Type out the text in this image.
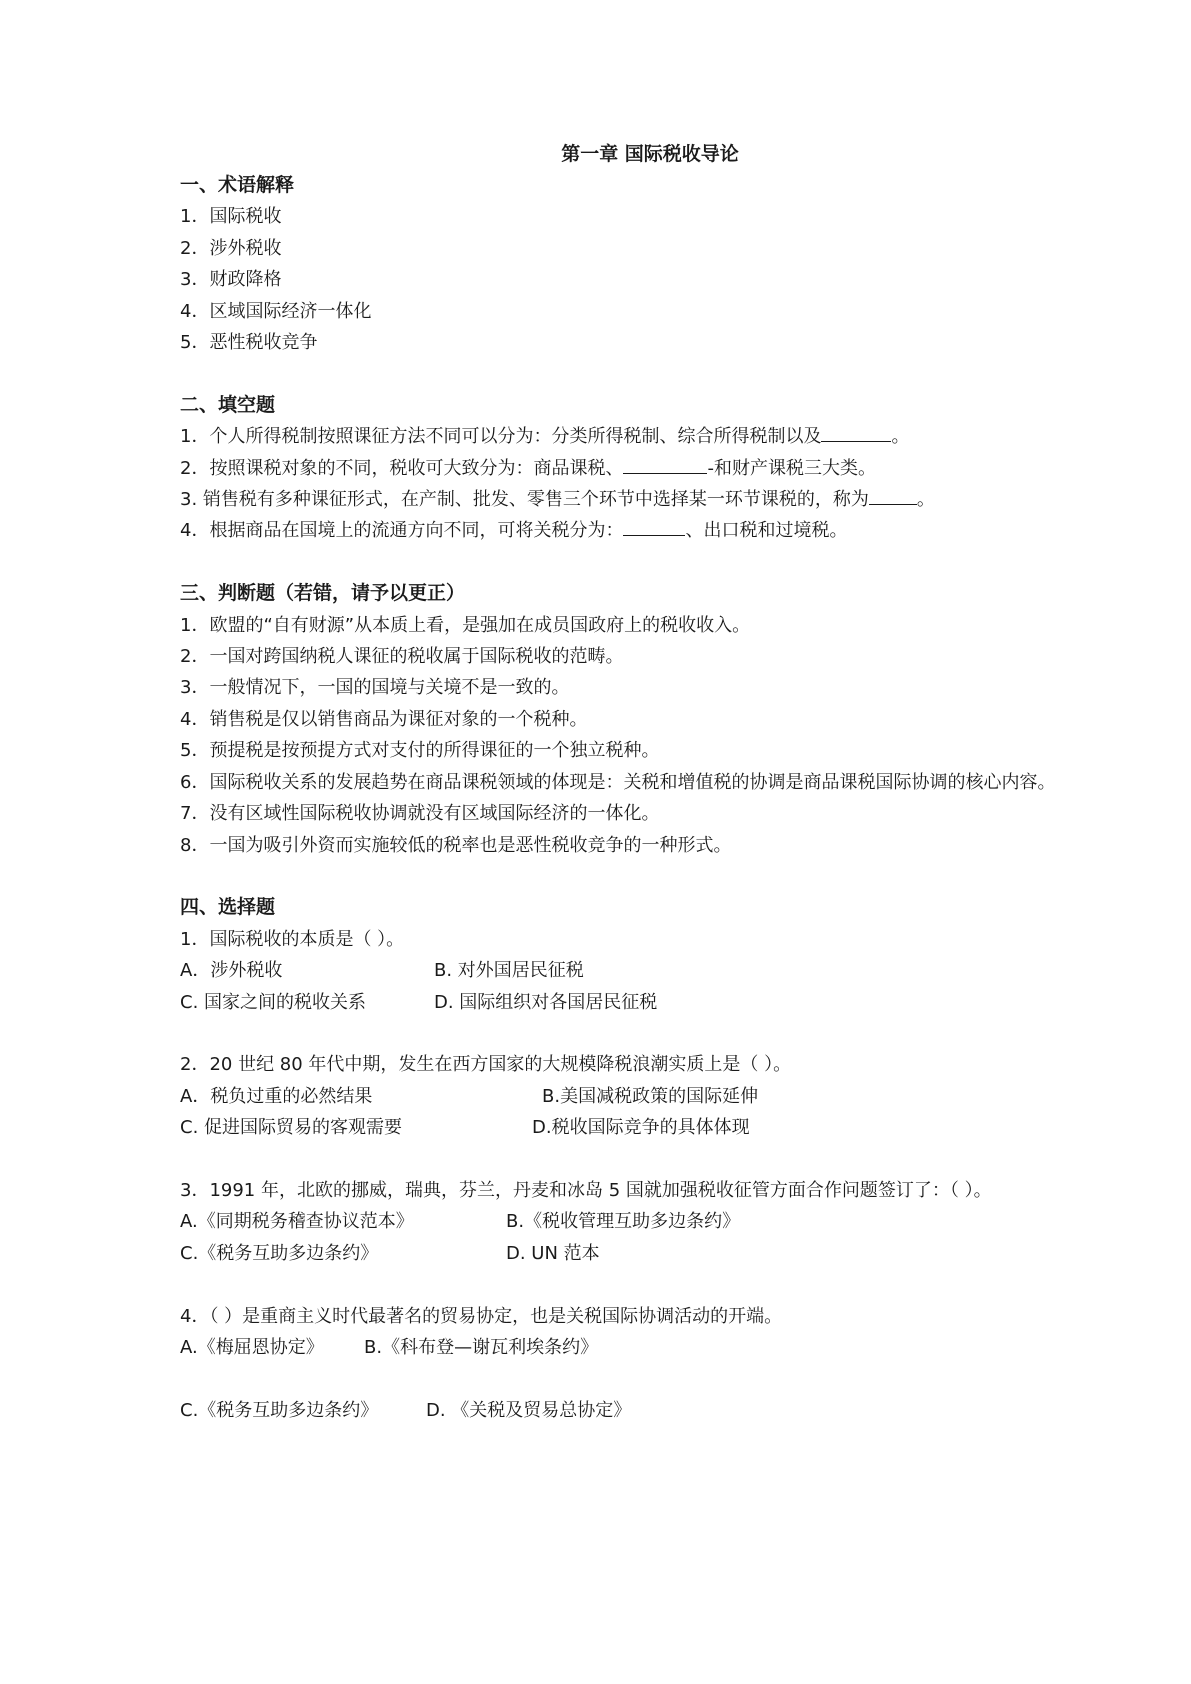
第一章 国际税收导论
一、术语解释
1．国际税收
2．涉外税收
3．财政降格
4．区域国际经济一体化
5．恶性税收竞争
二、填空题
1．个人所得税制按照课征方法不同可以分为：分类所得税制、综合所得税制以及	。
2．按照课税对象的不同，税收可大致分为：商品课税、	-和财产课税三大类。
3. 销售税有多种课征形式，在产制、批发、零售三个环节中选择某一环节课税的，称为	。
4．根据商品在国境上的流通方向不同，可将关税分为：	、出口税和过境税。
三、判断题（若错，请予以更正）
1．欧盟的“自有财源”从本质上看，是强加在成员国政府上的税收收入。
2．一国对跨国纳税人课征的税收属于国际税收的范畴。
3．一般情况下，一国的国境与关境不是一致的。
4．销售税是仅以销售商品为课征对象的一个税种。
5．预提税是按预提方式对支付的所得课征的一个独立税种。
6．国际税收关系的发展趋势在商品课税领域的体现是：关税和增值税的协调是商品课税国际协调的核心内容。
7．没有区域性国际税收协调就没有区域国际经济的一体化。
8．一国为吸引外资而实施较低的税率也是恶性税收竞争的一种形式。
四、选择题
1．国际税收的本质是（ ）。
A．涉外税收	B. 对外国居民征税
C. 国家之间的税收关系	D. 国际组织对各国居民征税
2．20 世纪 80 年代中期，发生在西方国家的大规模降税浪潮实质上是（ ）。
A．税负过重的必然结果	B.美国减税政策的国际延伸
C. 促进国际贸易的客观需要	D.税收国际竞争的具体体现
3．1991 年，北欧的挪威，瑞典，芬兰，丹麦和冰岛 5 国就加强税收征管方面合作问题签订了：（ ）。
A.《同期税务稽查协议范本》	B.《税收管理互助多边条约》
C.《税务互助多边条约》	D. UN 范本
4．（ ）是重商主义时代最著名的贸易协定，也是关税国际协调活动的开端。
A.《梅屈恩协定》	B.《科布登—谢瓦利埃条约》
C.《税务互助多边条约》	D. 《关税及贸易总协定》
